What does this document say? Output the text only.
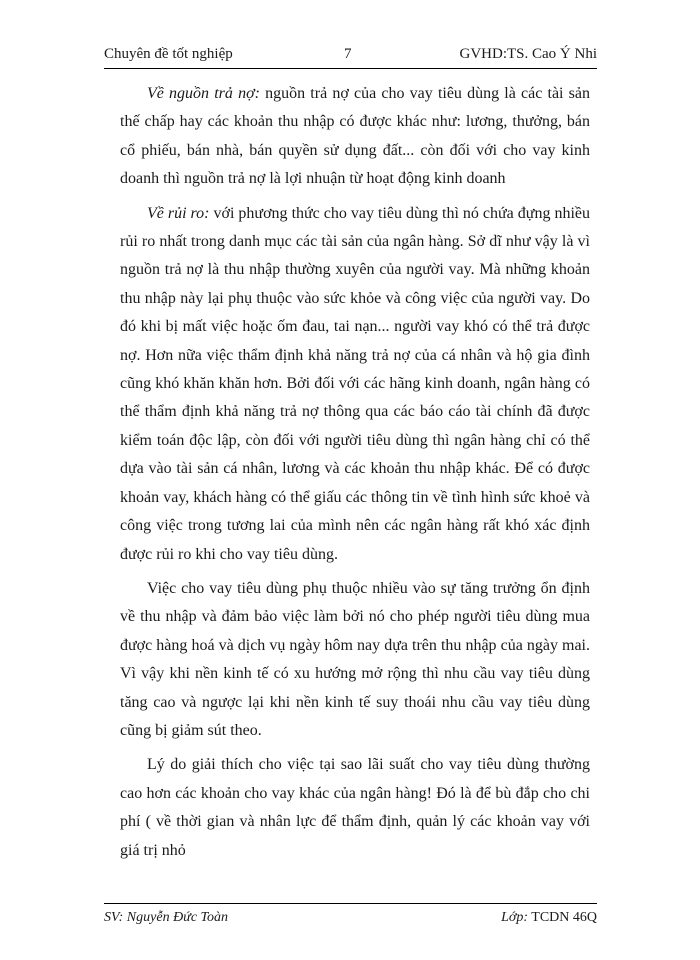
Chuyên đề tốt nghiệp	7	GVHD:TS. Cao Ý Nhi

Về nguồn trả nợ: nguồn trả nợ của cho vay tiêu dùng là các tài sản thế chấp hay các khoản thu nhập có được khác như: lương, thưởng, bán cổ phiếu, bán nhà, bán quyền sử dụng đất... còn đối với cho vay kinh doanh thì nguồn trả nợ là lợi nhuận từ hoạt động kinh doanh

Về rủi ro: với phương thức cho vay tiêu dùng thì nó chứa đựng nhiều rủi ro nhất trong danh mục các tài sản của ngân hàng. Sở dĩ như vậy là vì nguồn trả nợ là thu nhập thường xuyên của người vay. Mà những khoản thu nhập này lại phụ thuộc vào sức khỏe và công việc của người vay. Do đó khi bị mất việc hoặc ốm đau, tai nạn... người vay khó có thể trả được nợ. Hơn nữa việc thẩm định khả năng trả nợ của cá nhân và hộ gia đình cũng khó khăn khăn hơn. Bởi đối với các hãng kinh doanh, ngân hàng có thể thẩm định khả năng trả nợ thông qua các báo cáo tài chính đã được kiểm toán độc lập, còn đối với người tiêu dùng thì ngân hàng chỉ có thể dựa vào tài sản cá nhân, lương và các khoản thu nhập khác. Để có được khoản vay, khách hàng có thể giấu các thông tin về tình hình sức khoẻ và công việc trong tương lai của mình nên các ngân hàng rất khó xác định được rủi ro khi cho vay tiêu dùng.

Việc cho vay tiêu dùng phụ thuộc nhiều vào sự tăng trưởng ổn định về thu nhập và đảm bảo việc làm bởi nó cho phép người tiêu dùng mua được hàng hoá và dịch vụ ngày hôm nay dựa trên thu nhập của ngày mai. Vì vậy khi nền kinh tế có xu hướng mở rộng thì nhu cầu vay tiêu dùng tăng cao và ngược lại khi nền kinh tế suy thoái nhu cầu vay tiêu dùng cũng bị giảm sút theo.

Lý do giải thích cho việc tại sao lãi suất cho vay tiêu dùng thường cao hơn các khoản cho vay khác của ngân hàng! Đó là để bù đắp cho chi phí ( về thời gian và nhân lực để thẩm định, quản lý các khoản vay với giá trị nhỏ

SV: Nguyễn Đức Toàn	Lớp: TCDN 46Q
